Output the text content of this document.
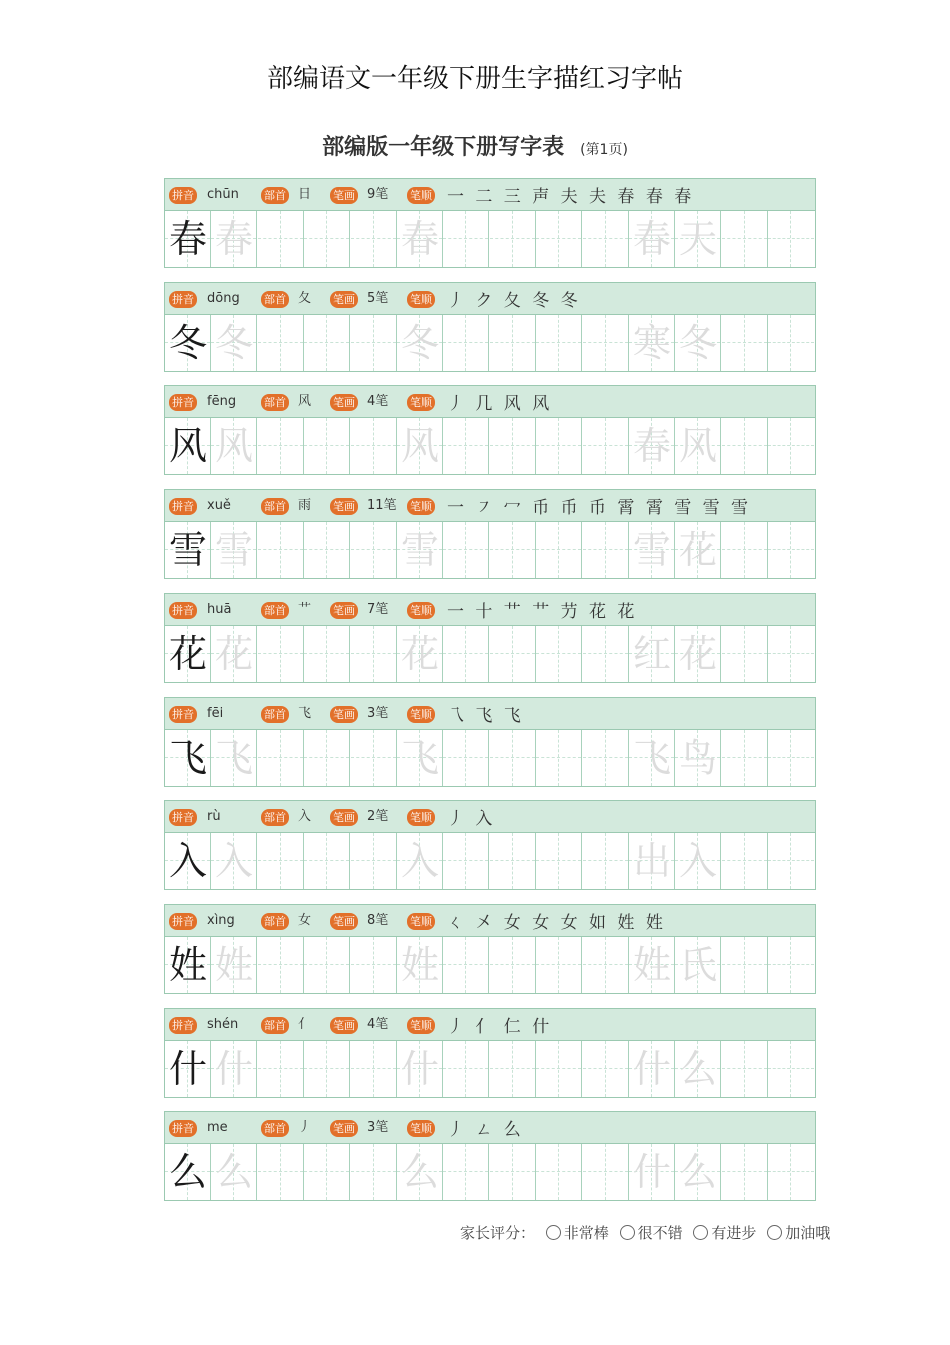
部编语文一年级下册生字描红习字帖
部编版一年级下册写字表 (第1页)
拼音 chūn 部首 日 笔画 9笔 笔顺 一 二 三 声 夫 夫 春 春 春
春 春	春	春 天
拼音 dōng 部首 夂 笔画 5笔 笔顺 丿 ク 夂 冬 冬
冬 冬	冬	寒 冬
拼音 fēng	部首 风 笔画 4笔 笔顺 丿 几 风 风
风 风	风	春 风
拼音 xuě	部首 雨 笔画 11笔 笔顺 一 ㇇ 冖 币 币 币 霄 霄 雪 雪 雪
雪 雪	雪	雪 花
拼音 huā	部首 艹 笔画 7笔 笔顺 一 十 艹 艹 芀 花 花
花 花	花	红 花
拼音 fēi	部首 飞 笔画 3笔 笔顺 乁 飞 飞
飞 飞	飞	飞 鸟
拼音 rù	部首 入 笔画 2笔 笔顺 丿 入
入 入	入	出 入
拼音 xìng	部首 女 笔画 8笔 笔顺 ㄑ 㐅 女 女 女 如 姓 姓
姓 姓	姓	姓 氏
拼音 shén 部首 亻 笔画 4笔 笔顺 丿 亻 仁 什
什 什	什	什 么
拼音 me	部首 丿 笔画 3笔 笔顺 丿 ㄥ 么
么 么	么	什 么
家长评分： 非常棒 很不错 有进步 加油哦
